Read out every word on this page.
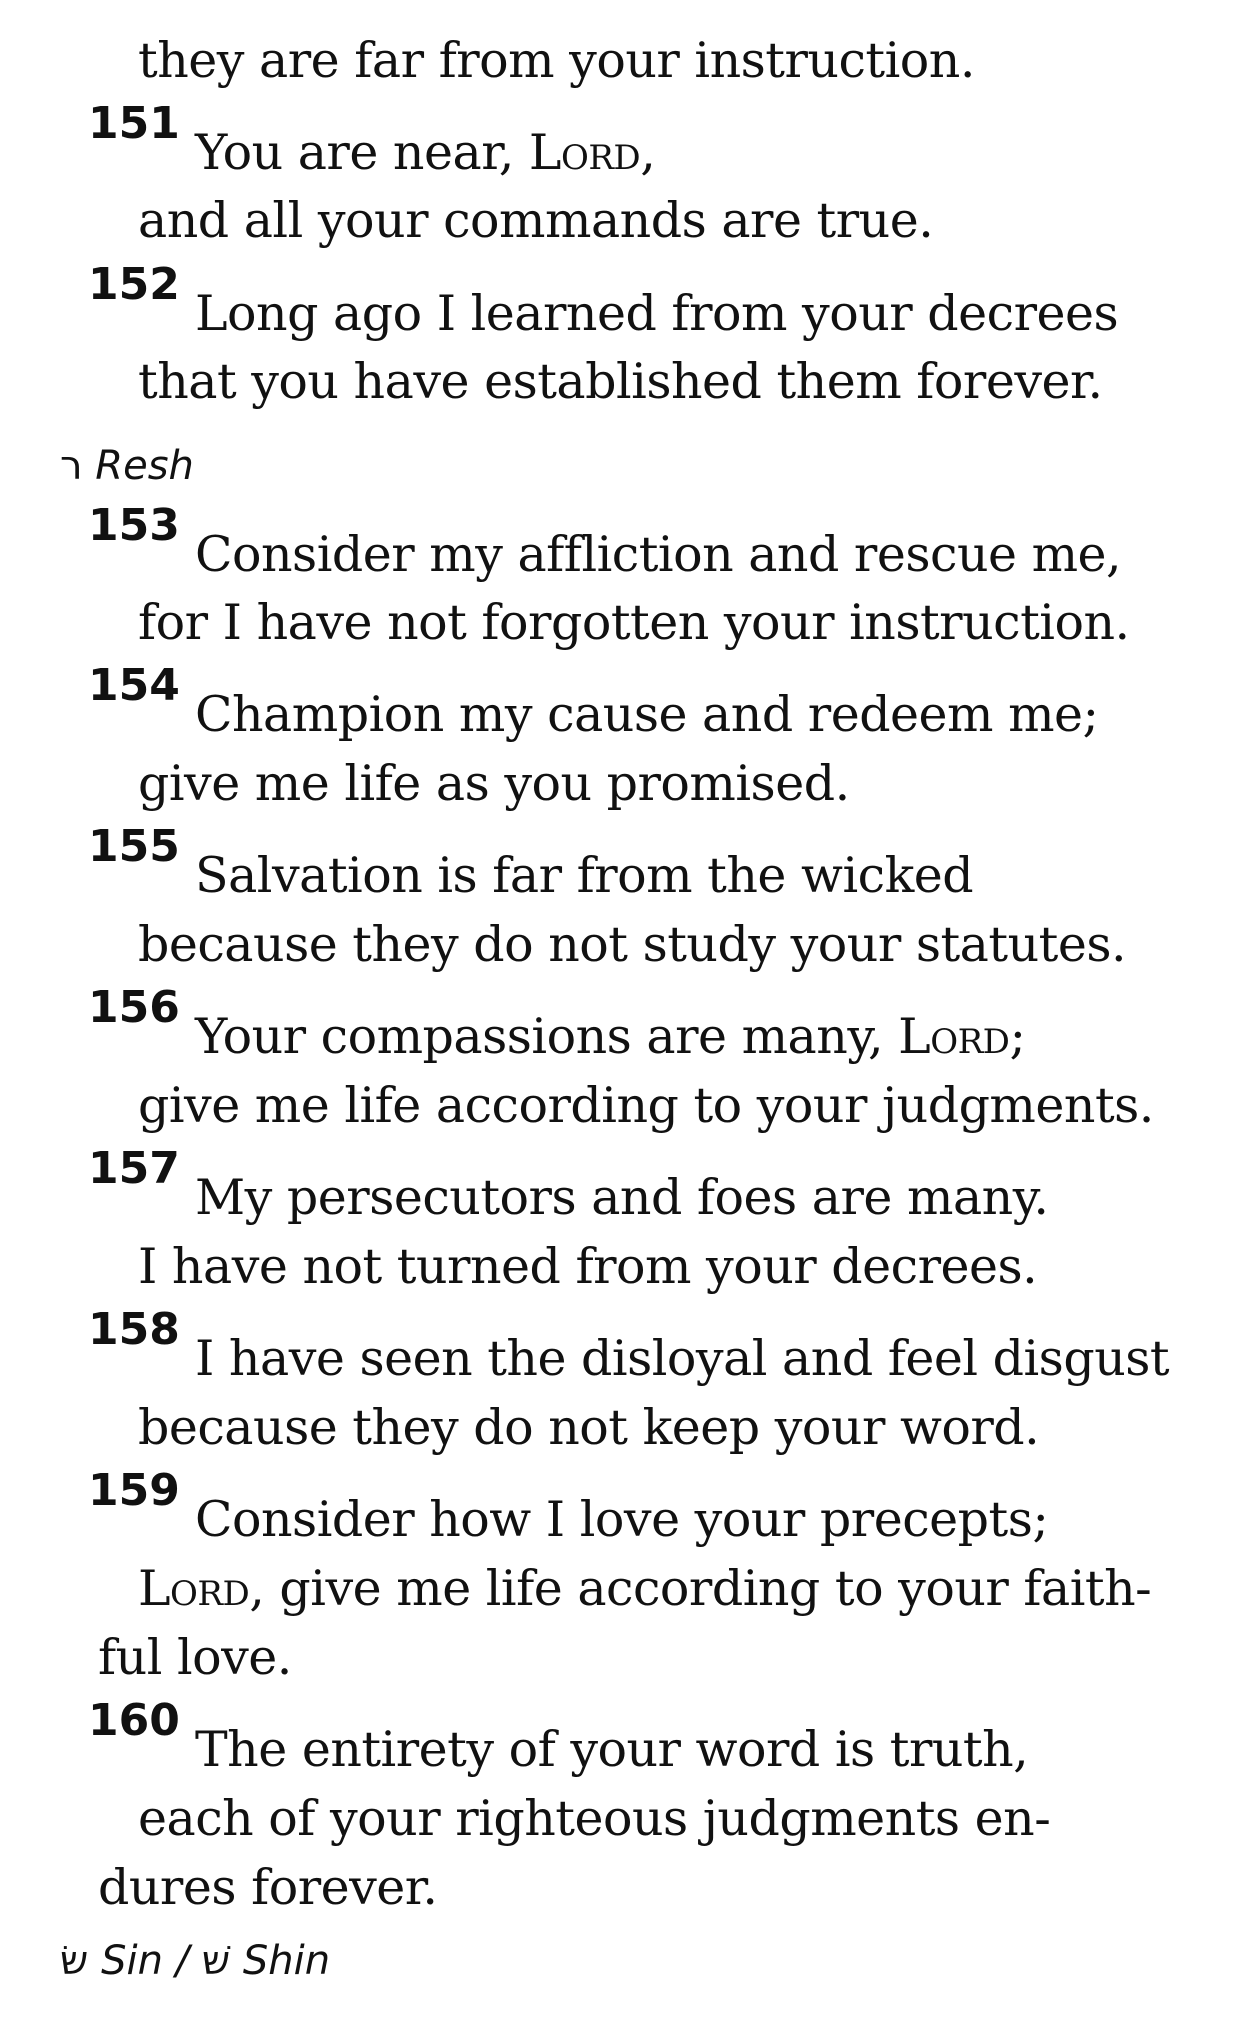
they are far from your instruction.
151
You are near, Lord,
and all your commands are true.
152
Long ago I learned from your decrees
that you have established them forever.
ר Resh
153
Consider my affliction and rescue me,
for I have not forgotten your instruction.
154
Champion my cause and redeem me;
give me life as you promised.
155
Salvation is far from the wicked
because they do not study your statutes.
156
Your compassions are many, Lord;
give me life according to your judgments.
157
My persecutors and foes are many.
I have not turned from your decrees.
158
I have seen the disloyal and feel disgust
because they do not keep your word.
159
Consider how I love your precepts;
Lord, give me life according to your faith-
ful love.
160
The entirety of your word is truth,
each of your righteous judgments en-
dures forever.
שׂ Sin / שׁ Shin
